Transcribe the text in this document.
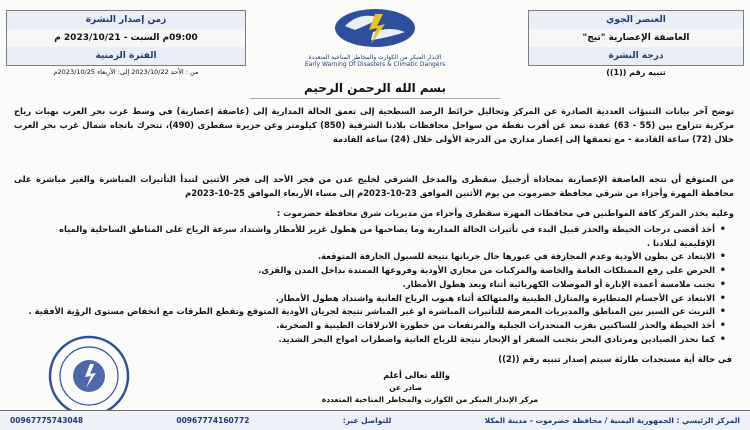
العنصر الجوي
العاصفة الإعصارية "تيج"
درجة النشرة
تنبيه رقم ((1))
زمن إصدار النشرة
09:00م السبت - 2023/10/21 م
الفترة الزمنية
من : الأحد 2023/10/22 إلى: الأربعاء 2023/10/25م
الإنذار المبكر من الكوارث والمخاطر المناخية المتعددة
Early Warning Of Disasters & Climatic Dangers
بسم الله الرحمن الرحيم
توضح آخر بيانات التنبؤات العددية الصادرة عن المركز وتحاليل خرائط الرصد السطحية إلى تعمق الحالة المدارية إلى (عاصفة إعصارية) في وسط غرب بحر العرب بهبات رياح مركزية تتراوح بين (55 - 63) عقدة تبعد عن أقرب نقطة من سواحل محافظات بلادنا الشرقية (850) كيلومتر وعن جزيرة سقطرى (490)، تتحرك باتجاه شمال غرب بحر العرب خلال (72) ساعة القادمة - مع تعمقها إلى إعصار مداري من الدرجة الأولى خلال (24) ساعة القادمة
من المتوقع أن تتجه العاصفة الإعصارية بمحاذاة أرخبيل سقطرى والمدخل الشرقي لخليج عدن من فجر الأحد إلى فجر الأثنين لتبدأ التأثيرات المباشرة والغير مباشرة على محافظة المهرة وأجزاء من شرقي محافظة حضرموت من يوم الأثنين الموافق 23-10-2023م إلى مساء الأربعاء الموافق 25-10-2023م
وعليه يحذر المركز كافة المواطنين في محافظات المهرة سقطرى وأجزاء من مديريات شرق محافظة حضرموت :
• أخذ أقصى درجات الحيطة والحذر قبيل البدء في تأثيرات الحالة المدارية وما يصاحبها من هطول غزير للأمطار واشتداد سرعة الرياح على المناطق الساحلية والمياه الإقليمية لبلادنا .
• الابتعاد عن بطون الأودية وعدم المجازفة في عبورها حال جريانها نتيجة للسيول الجارفة المتوقعة.
• الحرص على رفع الممتلكات العامة والخاصة والمركبات من مجاري الأودية وفروعها الممتدة بداخل المدن والقرى.
• تجنب ملامسة أعمدة الإنارة أو الموصلات الكهربائية أثناء وبعد هطول الأمطار.
• الابتعاد عن الأجسام المتطايرة والمنازل الطينية والمتهالكة أثناء هبوب الرياح العاتية واشتداد هطول الأمطار.
• التريث عن السير بين المناطق والمديريات المعرضة للتأثيرات المباشرة او غير المباشر نتيجة لجريان الأودية المتوقع وتقطع الطرقات مع انخفاض مستوى الرؤية الأفقية .
• أخذ الحيطة والحذر للساكنين بقرب المنحدرات الجبلية والمرتفعات من خطورة الانزلاقات الطينية و الصخرية.
• كما نحذر الصيادين ومرتادي البحر بتجنب السفر او الإبحار نتيجة للرياح العاتية واضطراب امواج البحر الشديد.
في حالة أية مستجدات طارئة سيتم إصدار تنبيه رقم ((2))
والله تعالى أعلم
صادر عن
مركز الإنذار المبكر من الكوارث والمخاطر المناخية المتعددة
المركز الرئيسي : الجمهورية اليمنية / محافظة حضرموت - مدينة المكلا
للتواصل عبر:
00967774160772
00967775743048
